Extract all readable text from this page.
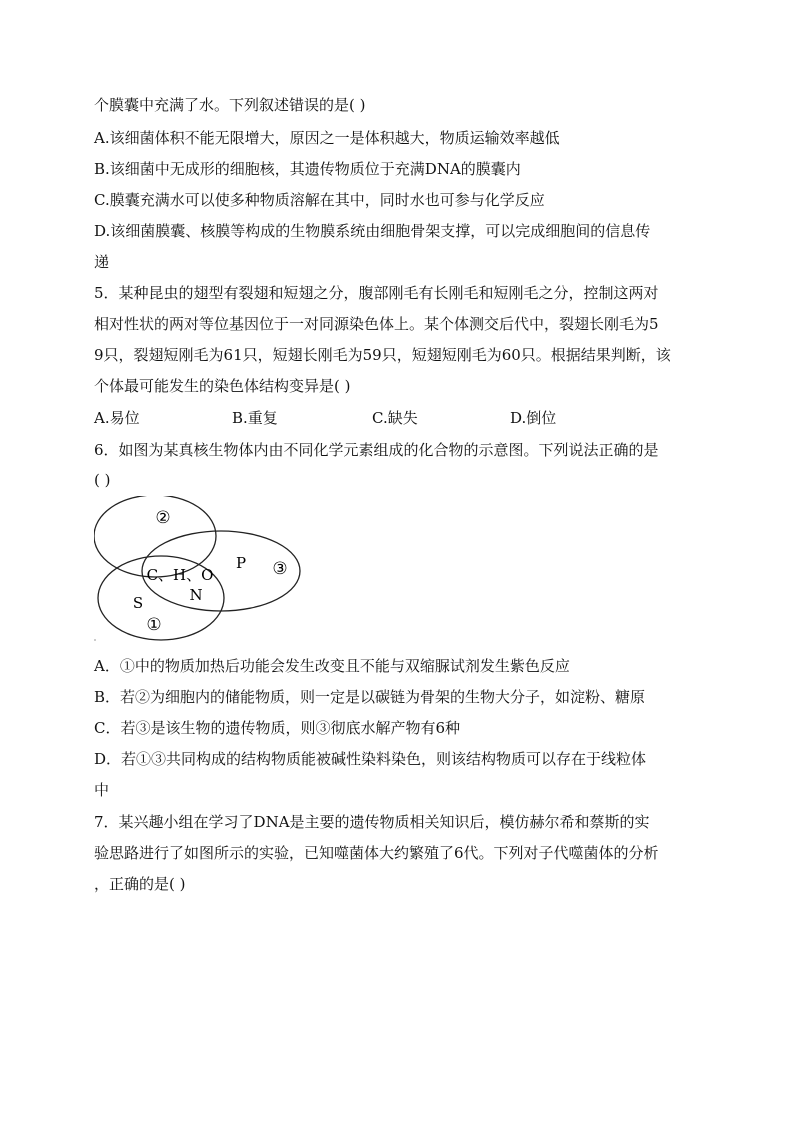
个膜囊中充满了水。下列叙述错误的是( )
A.该细菌体积不能无限增大，原因之一是体积越大，物质运输效率越低
B.该细菌中无成形的细胞核，其遗传物质位于充满DNA的膜囊内
C.膜囊充满水可以使多种物质溶解在其中，同时水也可参与化学反应
D.该细菌膜囊、核膜等构成的生物膜系统由细胞骨架支撑，可以完成细胞间的信息传
递
5．某种昆虫的翅型有裂翅和短翅之分，腹部刚毛有长刚毛和短刚毛之分，控制这两对
相对性状的两对等位基因位于一对同源染色体上。某个体测交后代中，裂翅长刚毛为5
9只，裂翅短刚毛为61只，短翅长刚毛为59只，短翅短刚毛为60只。根据结果判断，该
个体最可能发生的染色体结构变异是( )
A.易位	B.重复	C.缺失	D.倒位
6．如图为某真核生物体内由不同化学元素组成的化合物的示意图。下列说法正确的是
( )
②
C、H、O
N
P ③
S
①
A．①中的物质加热后功能会发生改变且不能与双缩脲试剂发生紫色反应
B．若②为细胞内的储能物质，则一定是以碳链为骨架的生物大分子，如淀粉、糖原
C．若③是该生物的遗传物质，则③彻底水解产物有6种
D．若①③共同构成的结构物质能被碱性染料染色，则该结构物质可以存在于线粒体
中
7．某兴趣小组在学习了DNA是主要的遗传物质相关知识后，模仿赫尔希和蔡斯的实
验思路进行了如图所示的实验，已知噬菌体大约繁殖了6代。下列对子代噬菌体的分析
，正确的是( )
